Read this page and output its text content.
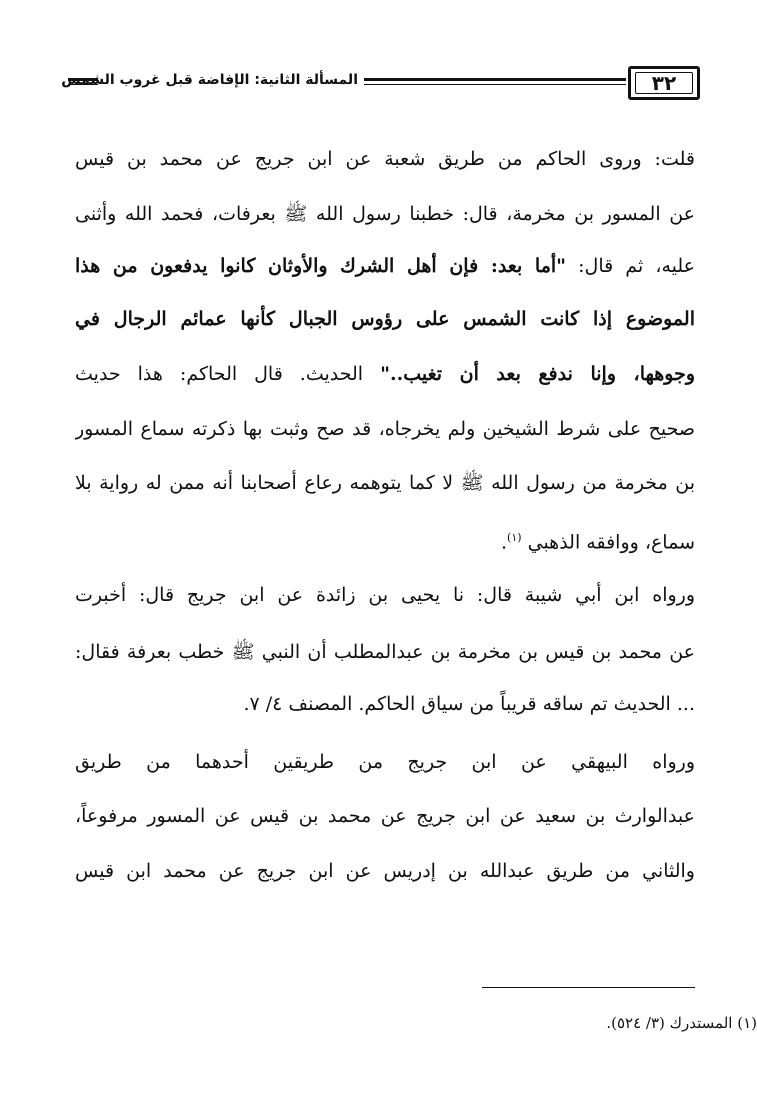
المسألة الثانية: الإفاضة قبل غروب الشمس	٣٢
قلت: وروى الحاكم من طريق شعبة عن ابن جريج عن محمد بن قيس
عن المسور بن مخرمة، قال: خطبنا رسول الله ﷺ بعرفات، فحمد الله وأثنى
عليه، ثم قال: "أما بعد: فإن أهل الشرك والأوثان كانوا يدفعون من هذا
الموضوع إذا كانت الشمس على رؤوس الجبال كأنها عمائم الرجال في
وجوهها، وإنا ندفع بعد أن تغيب.." الحديث. قال الحاكم: هذا حديث
صحيح على شرط الشيخين ولم يخرجاه، قد صح وثبت بها ذكرته سماع المسور
بن مخرمة من رسول الله ﷺ لا كما يتوهمه رعاع أصحابنا أنه ممن له رواية بلا
سماع، ووافقه الذهبي $^{(١)}$.
ورواه ابن أبي شيبة قال: نا يحيى بن زائدة عن ابن جريج قال: أخبرت
عن محمد بن قيس بن مخرمة بن عبدالمطلب أن النبي ﷺ خطب بعرفة فقال:
... الحديث تم ساقه قريباً من سياق الحاكم. المصنف ٤/ ٧.
ورواه البيهقي عن ابن جريج من طريقين أحدهما من طريق
عبدالوارث بن سعيد عن ابن جريج عن محمد بن قيس عن المسور مرفوعاً،
والثاني من طريق عبدالله بن إدريس عن ابن جريج عن محمد ابن قيس
(١) المستدرك (٣/ ٥٢٤).
